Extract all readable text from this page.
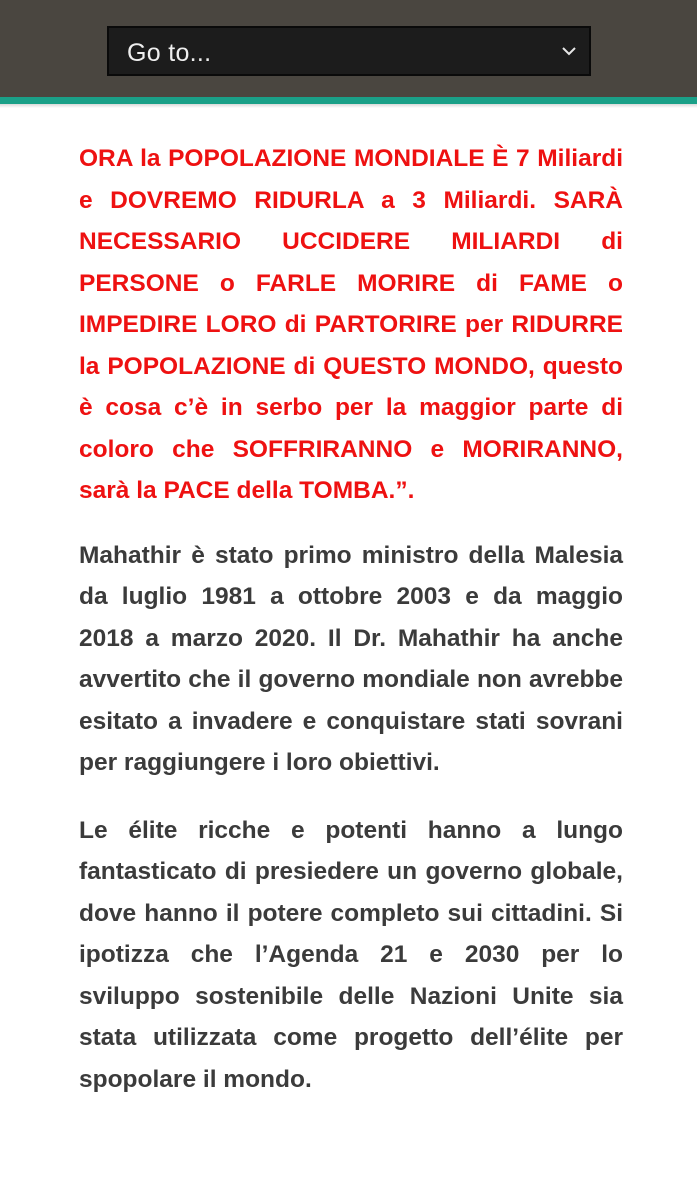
Go to...

ORA la POPOLAZIONE MONDIALE È 7 Miliardi e DOVREMO RIDURLA a 3 Miliardi. SARÀ NECESSARIO UCCIDERE MILIARDI di PERSONE o FARLE MORIRE di FAME o IMPEDIRE LORO di PARTORIRE per RIDURRE la POPOLAZIONE di QUESTO MONDO, questo è cosa c’è in serbo per la maggior parte di coloro che SOFFRIRANNO e MORIRANNO, sarà la PACE della TOMBA.”.

Mahathir è stato primo ministro della Malesia da luglio 1981 a ottobre 2003 e da maggio 2018 a marzo 2020. Il Dr. Mahathir ha anche avvertito che il governo mondiale non avrebbe esitato a invadere e conquistare stati sovrani per raggiungere i loro obiettivi.

Le élite ricche e potenti hanno a lungo fantasticato di presiedere un governo globale, dove hanno il potere completo sui cittadini. Si ipotizza che l’Agenda 21 e 2030 per lo sviluppo sostenibile delle Nazioni Unite sia stata utilizzata come progetto dell’élite per spopolare il mondo.
